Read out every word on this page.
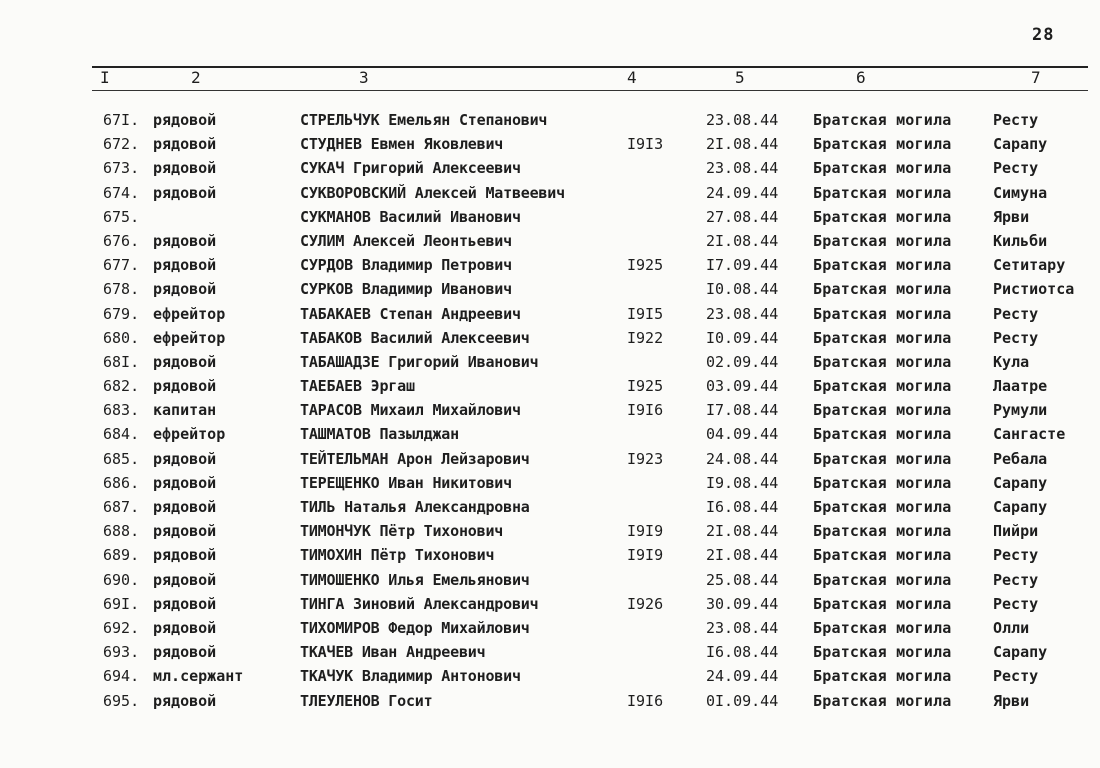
28
I	2	3	4	5	6	7
67I. рядовой	СТРЕЛЬЧУК Емельян Степанович	23.08.44 Братская могила	Ресту
672. рядовой	СТУДНЕВ Евмен Яковлевич	I9I3	2I.08.44 Братская могила	Сарапу
673. рядовой	СУКАЧ Григорий Алексеевич	23.08.44 Братская могила	Ресту
674. рядовой	СУКВОРОВСКИЙ Алексей Матвеевич	24.09.44 Братская могила	Симуна
675.	СУКМАНОВ Василий Иванович	27.08.44 Братская могила	Ярви
676. рядовой	СУЛИМ Алексей Леонтьевич	2I.08.44 Братская могила	Кильби
677. рядовой	СУРДОВ Владимир Петрович	I925	I7.09.44 Братская могила	Сетитару
678. рядовой	СУРКОВ Владимир Иванович	I0.08.44 Братская могила	Ристиотса
679. ефрейтор	ТАБАКАЕВ Степан Андреевич	I9I5	23.08.44 Братская могила	Ресту
680. ефрейтор	ТАБАКОВ Василий Алексеевич	I922	I0.09.44 Братская могила	Ресту
68I. рядовой	ТАБАШАДЗЕ Григорий Иванович	02.09.44 Братская могила	Кула
682. рядовой	ТАЕБАЕВ Эргаш	I925	03.09.44 Братская могила	Лаатре
683. капитан	ТАРАСОВ Михаил Михайлович	I9I6	I7.08.44 Братская могила	Румули
684. ефрейтор	ТАШМАТОВ Пазылджан	04.09.44 Братская могила	Сангасте
685. рядовой	ТЕЙТЕЛЬМАН Арон Лейзарович	I923	24.08.44 Братская могила	Ребала
686. рядовой	ТЕРЕЩЕНКО Иван Никитович	I9.08.44 Братская могила	Сарапу
687. рядовой	ТИЛЬ Наталья Александровна	I6.08.44 Братская могила	Сарапу
688. рядовой	ТИМОНЧУК Пётр Тихонович	I9I9	2I.08.44 Братская могила	Пийри
689. рядовой	ТИМОХИН Пётр Тихонович	I9I9	2I.08.44 Братская могила	Ресту
690. рядовой	ТИМОШЕНКО Илья Емельянович	25.08.44 Братская могила	Ресту
69I. рядовой	ТИНГА Зиновий Александрович	I926	30.09.44 Братская могила	Ресту
692. рядовой	ТИХОМИРОВ Федор Михайлович	23.08.44 Братская могила	Олли
693. рядовой	ТКАЧЕВ Иван Андреевич	I6.08.44 Братская могила	Сарапу
694. мл.сержант	ТКАЧУК Владимир Антонович	24.09.44 Братская могила	Ресту
695. рядовой	ТЛЕУЛЕНОВ Госит	I9I6	0I.09.44 Братская могила	Ярви
